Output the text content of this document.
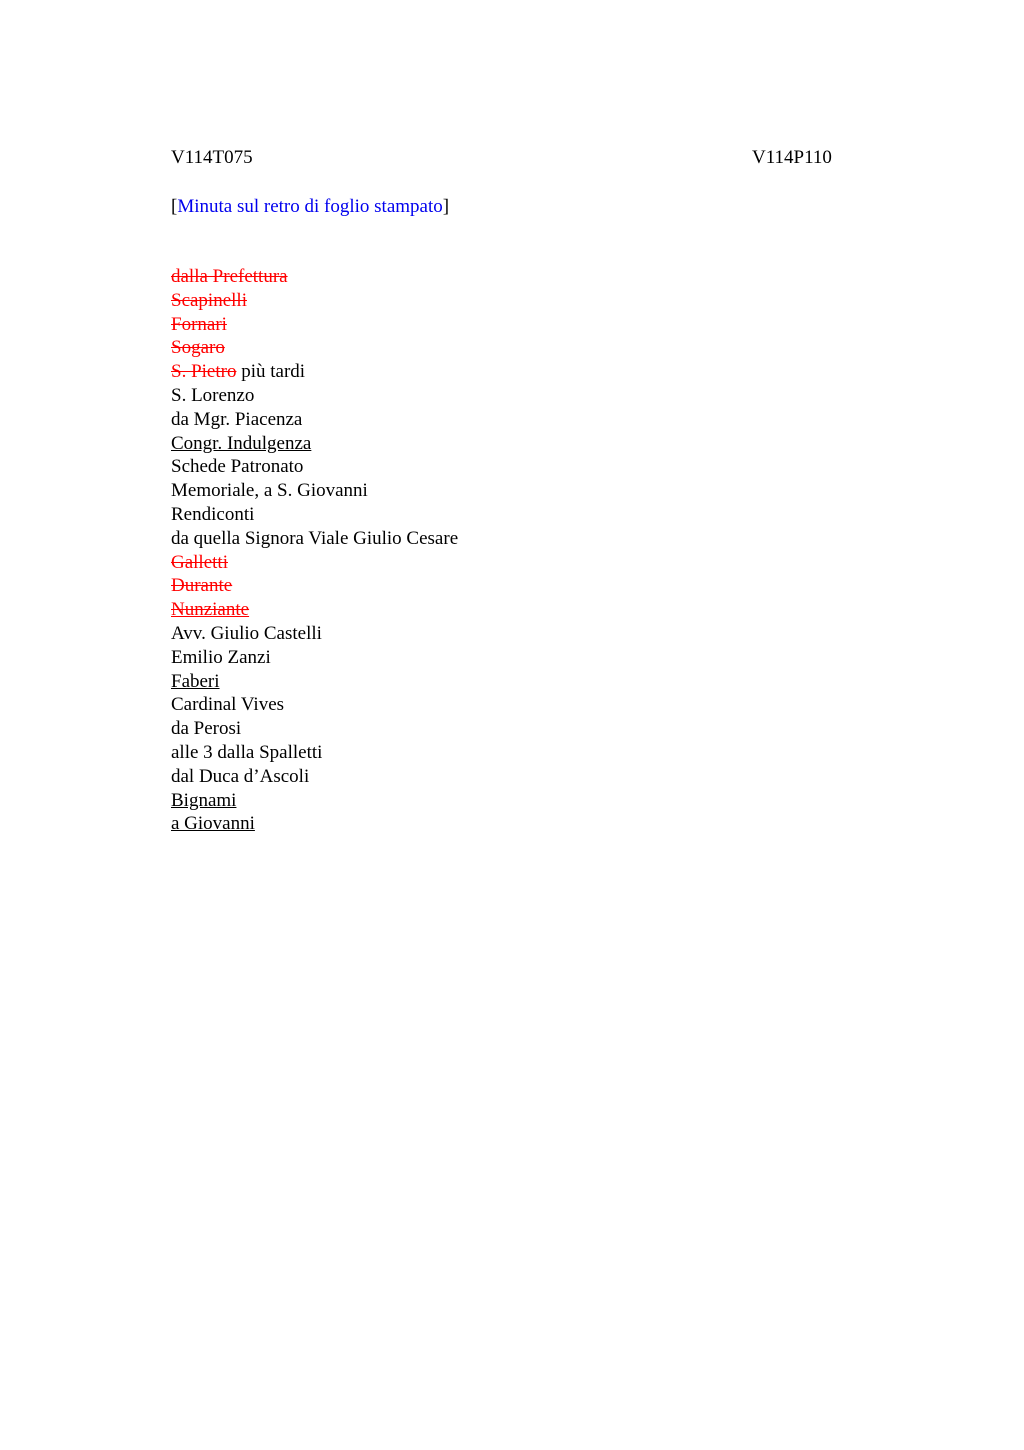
V114T075	V114P110
[Minuta sul retro di foglio stampato]
dalla Prefettura
Scapinelli
Fornari
Sogaro
S. Pietro più tardi
S. Lorenzo
da Mgr. Piacenza
Congr. Indulgenza
Schede Patronato
Memoriale, a S. Giovanni
Rendiconti
da quella Signora Viale Giulio Cesare
Galletti
Durante
Nunziante
Avv. Giulio Castelli
Emilio Zanzi
Faberi
Cardinal Vives
da Perosi
alle 3 dalla Spalletti
dal Duca d’Ascoli
Bignami
a Giovanni
